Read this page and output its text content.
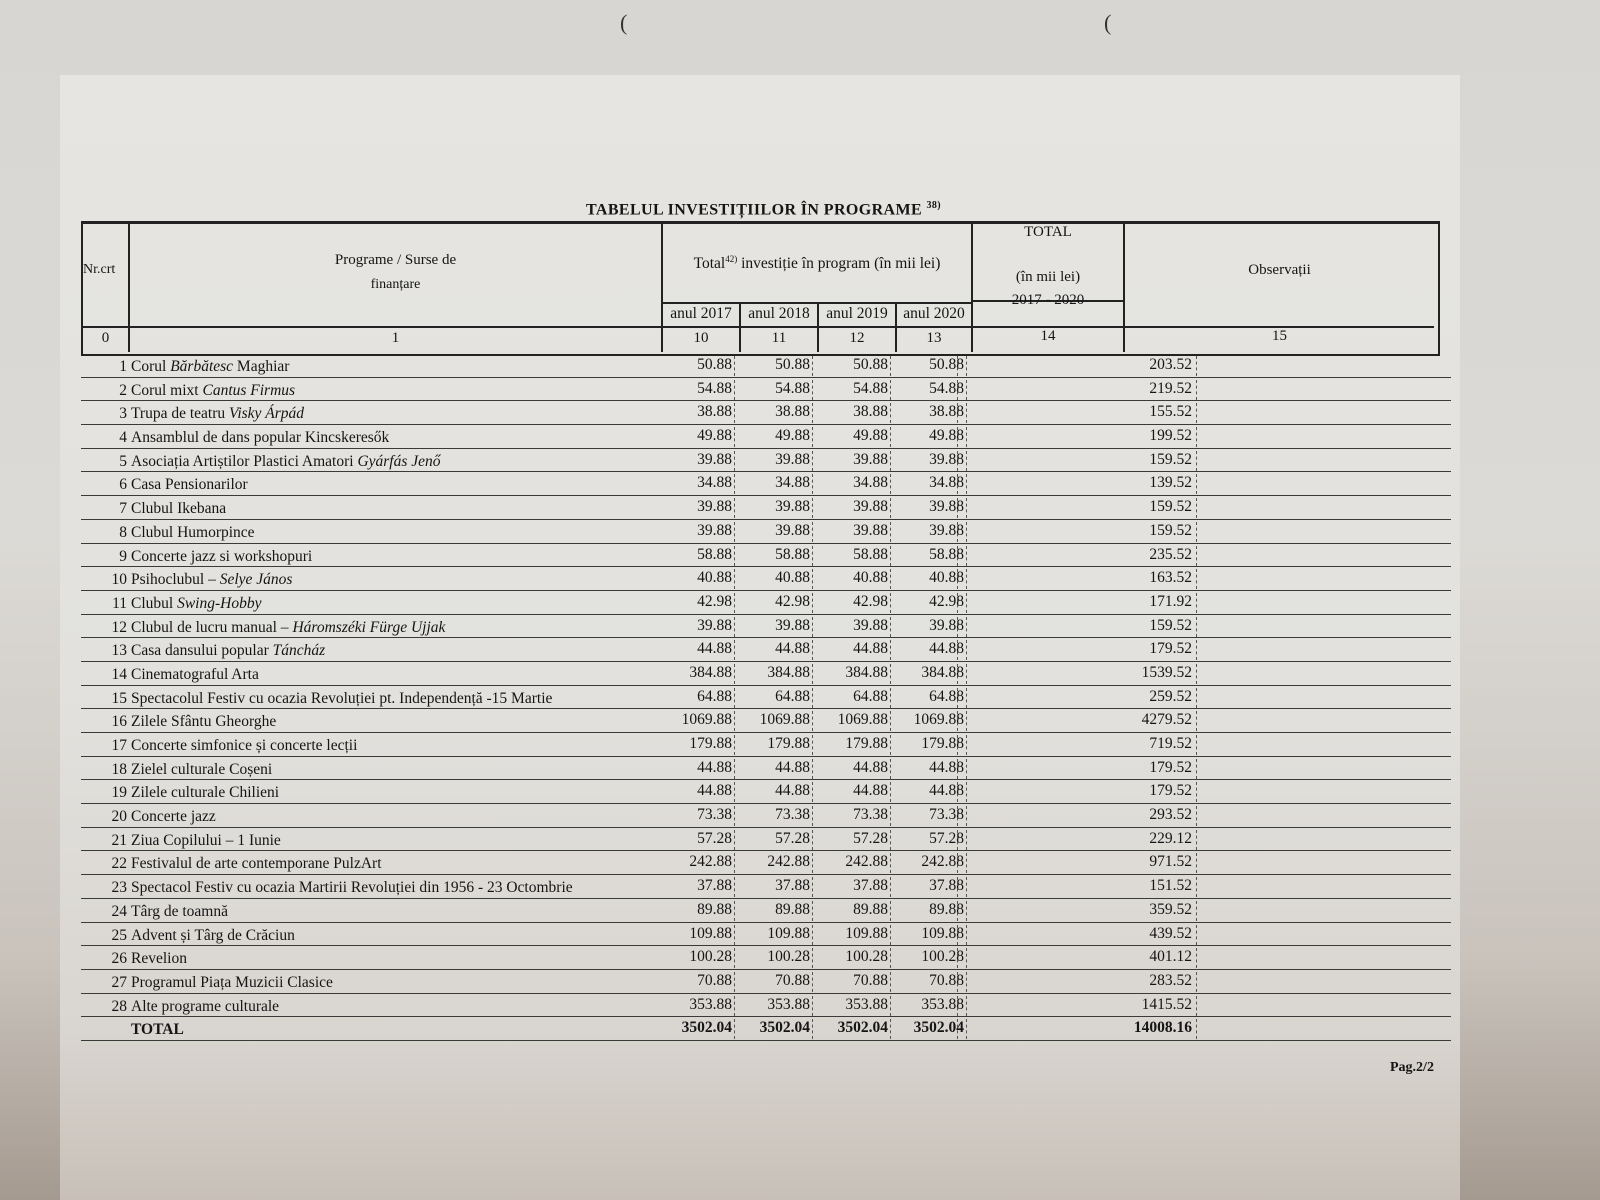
(	(
TABELUL INVESTIȚIILOR ÎN PROGRAME $^{38)}$
Nr.crt
Programe / Surse de
finanțare
Total$^{42)}$ investiție în program (în mii lei)
TOTAL
(în mii lei)
2017 - 2020
Observații
anul 2017	anul 2018	anul 2019 anul 2020
0	1	10	11	12	13	14	15
1 Corul Bărbătesc Maghiar	50.88	50.88	50.88	50.88	203.52
2 Corul mixt Cantus Firmus	54.88	54.88	54.88	54.88	219.52
3 Trupa de teatru Visky Árpád	38.88	38.88	38.88	38.88	155.52
4 Ansamblul de dans popular Kincskeresők	49.88	49.88	49.88	49.88	199.52
5 Asociația Artiștilor Plastici Amatori Gyárfás Jenő	39.88	39.88	39.88	39.88	159.52
6 Casa Pensionarilor	34.88	34.88	34.88	34.88	139.52
7 Clubul Ikebana	39.88	39.88	39.88	39.88	159.52
8 Clubul Humorpince	39.88	39.88	39.88	39.88	159.52
9 Concerte jazz si workshopuri	58.88	58.88	58.88	58.88	235.52
10 Psihoclubul – Selye János	40.88	40.88	40.88	40.88	163.52
11 Clubul Swing-Hobby	42.98	42.98	42.98	42.98	171.92
12 Clubul de lucru manual – Háromszéki Fürge Ujjak	39.88	39.88	39.88	39.88	159.52
13 Casa dansului popular Táncház	44.88	44.88	44.88	44.88	179.52
14 Cinematograful Arta	384.88	384.88	384.88	384.88	1539.52
15 Spectacolul Festiv cu ocazia Revoluției pt. Independență -15 Martie	64.88	64.88	64.88	64.88	259.52
16 Zilele Sfântu Gheorghe	1069.88	1069.88	1069.88	1069.88	4279.52
17 Concerte simfonice și concerte lecții	179.88	179.88	179.88	179.88	719.52
18 Zielel culturale Coșeni	44.88	44.88	44.88	44.88	179.52
19 Zilele culturale Chilieni	44.88	44.88	44.88	44.88	179.52
20 Concerte jazz	73.38	73.38	73.38	73.38	293.52
21 Ziua Copilului – 1 Iunie	57.28	57.28	57.28	57.28	229.12
22 Festivalul de arte contemporane PulzArt	242.88	242.88	242.88	242.88	971.52
23 Spectacol Festiv cu ocazia Martirii Revoluției din 1956 - 23 Octombrie	37.88	37.88	37.88	37.88	151.52
24 Târg de toamnă	89.88	89.88	89.88	89.88	359.52
25 Advent și Târg de Crăciun	109.88	109.88	109.88	109.88	439.52
26 Revelion	100.28	100.28	100.28	100.28	401.12
27 Programul Piața Muzicii Clasice	70.88	70.88	70.88	70.88	283.52
28 Alte programe culturale	353.88	353.88	353.88	353.88	1415.52
TOTAL	3502.04	3502.04	3502.04	3502.04	14008.16
Pag.2/2
